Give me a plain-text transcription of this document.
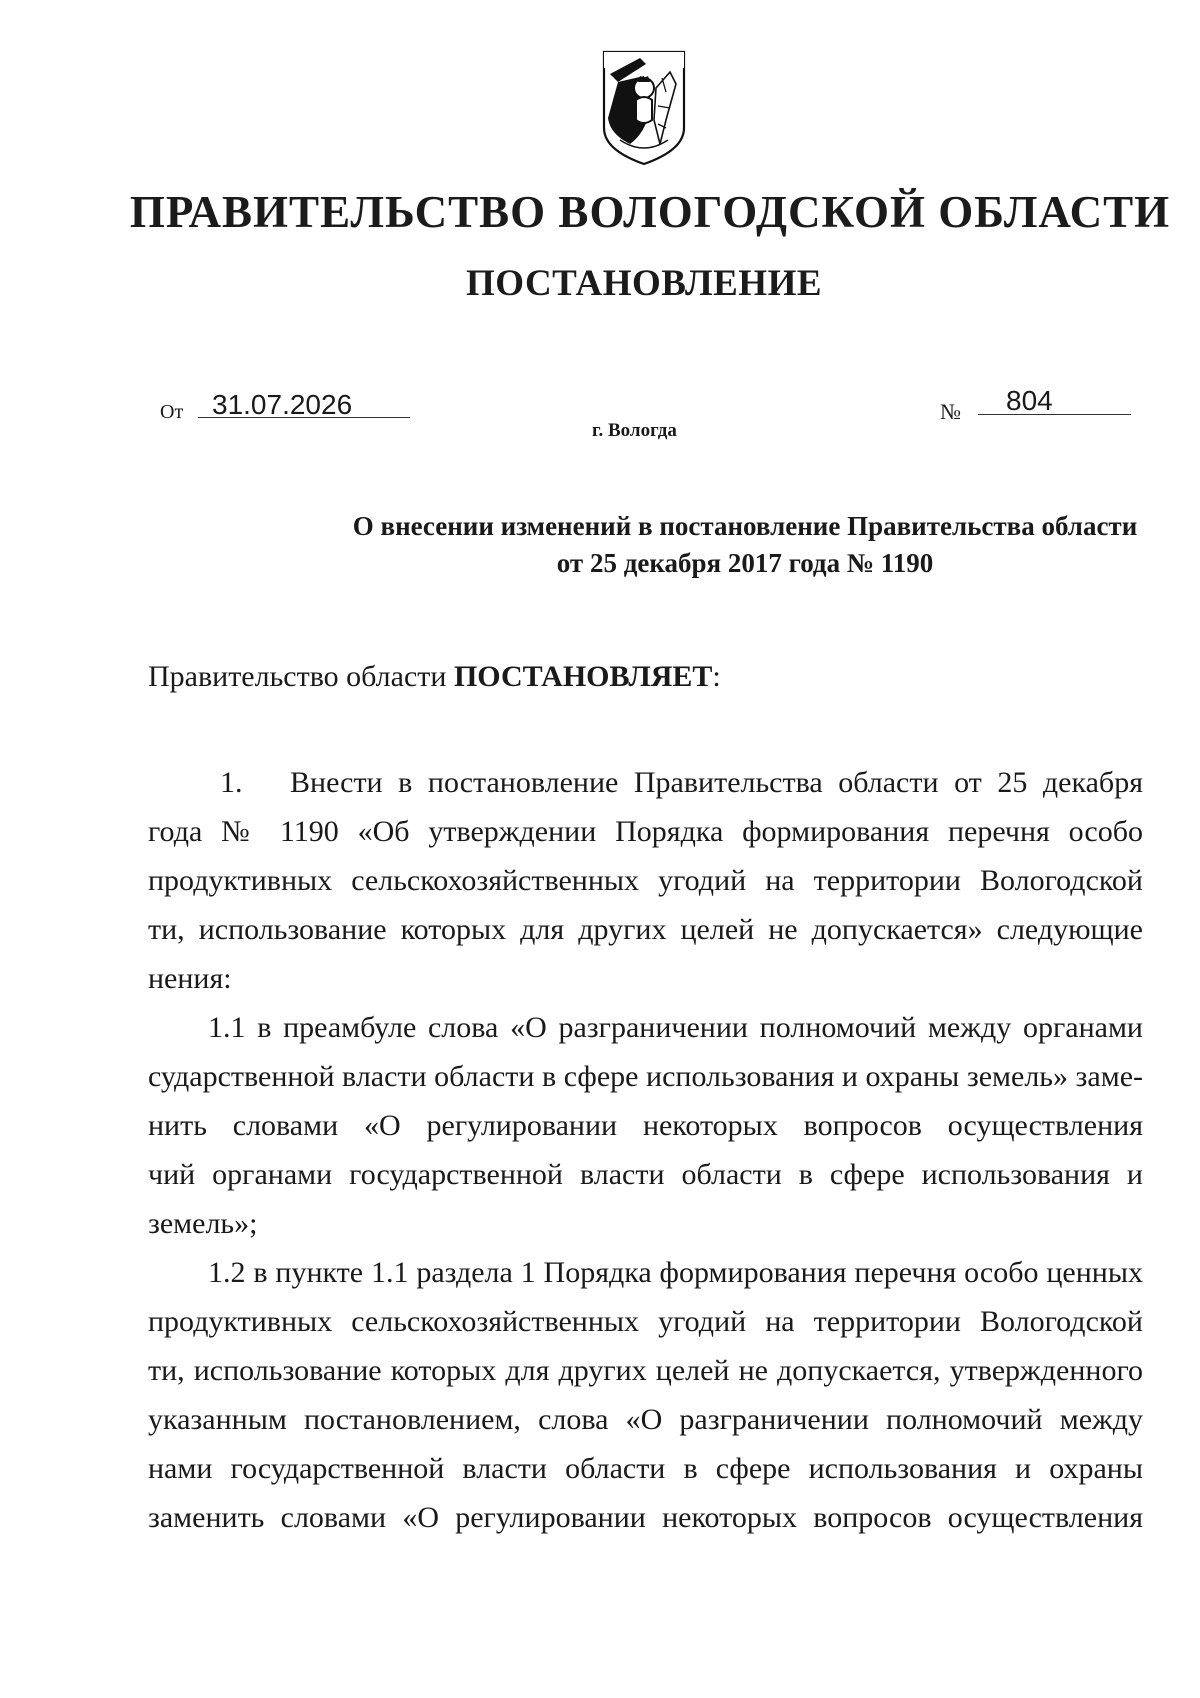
ПРАВИТЕЛЬСТВО ВОЛОГОДСКОЙ ОБЛАСТИ
ПОСТАНОВЛЕНИЕ
От	31.07.2026	№	804
г. Вологда
О внесении изменений в постановление Правительства области
от 25 декабря 2017 года № 1190
Правительство области ПОСТАНОВЛЯЕТ:
1. Внести в постановление Правительства области от 25 декабря
года № 1190 «Об утверждении Порядка формирования перечня особо
продуктивных сельскохозяйственных угодий на территории Вологодской
ти, использование которых для других целей не допускается» следующие
нения:
1.1 в преамбуле слова «О разграничении полномочий между органами
сударственной власти области в сфере использования и охраны земель» заме-
нить словами «О регулировании некоторых вопросов осуществления
чий органами государственной власти области в сфере использования и
земель»;
1.2 в пункте 1.1 раздела 1 Порядка формирования перечня особо ценных
продуктивных сельскохозяйственных угодий на территории Вологодской
ти, использование которых для других целей не допускается, утвержденного
указанным постановлением, слова «О разграничении полномочий между
нами государственной власти области в сфере использования и охраны
заменить словами «О регулировании некоторых вопросов осуществления
